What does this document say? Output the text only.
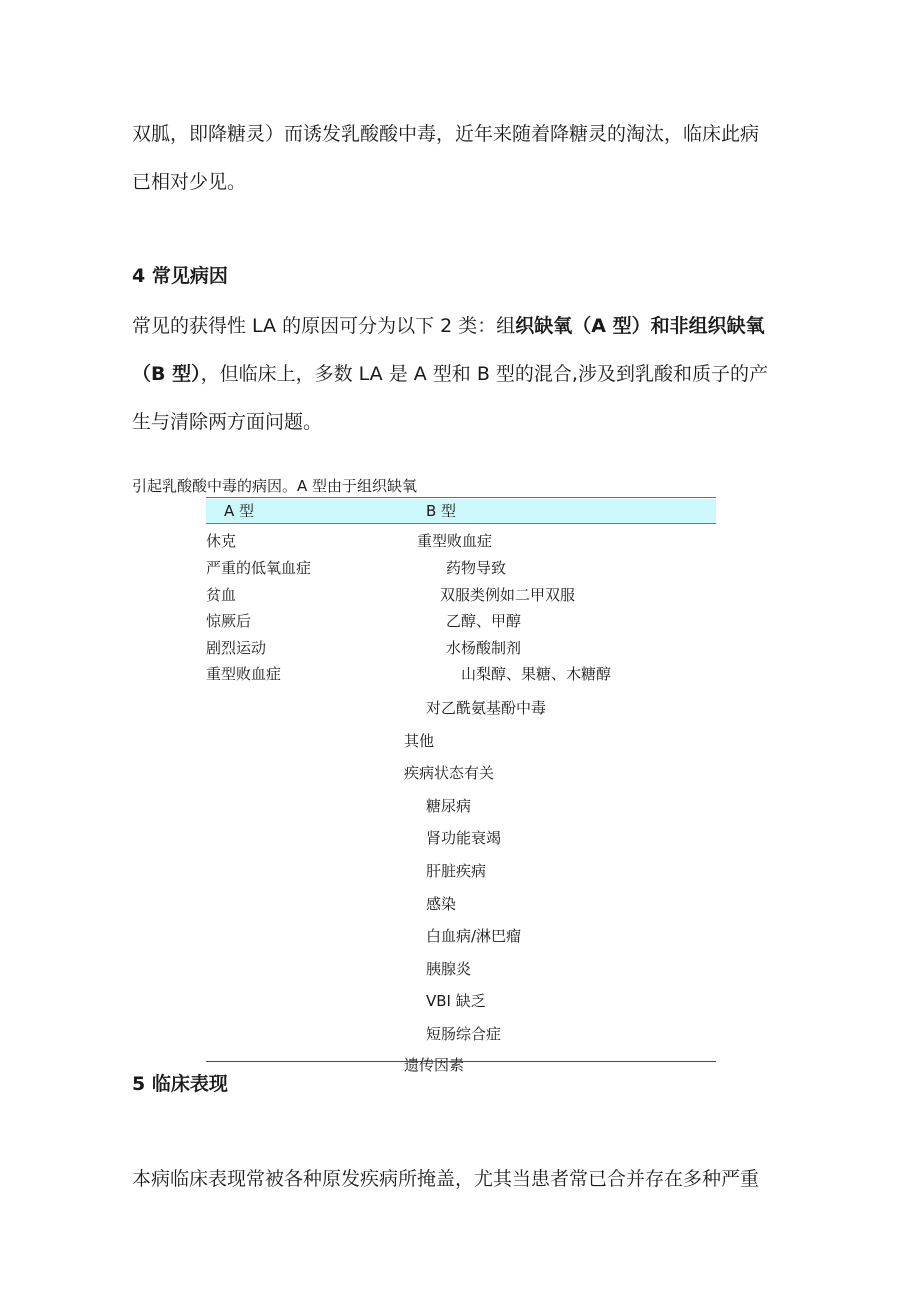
双胍，即降糖灵）而诱发乳酸酸中毒，近年来随着降糖灵的淘汰，临床此病
已相对少见。

4 常见病因

常见的获得性 LA 的原因可分为以下 2 类：组织缺氧（A 型）和非组织缺氧
（B 型），但临床上，多数 LA 是 A 型和 B 型的混合,涉及到乳酸和质子的产
生与清除两方面问题。

引起乳酸酸中毒的病因。A 型由于组织缺氧
A 型	B 型
休克
严重的低氧血症
贫血
惊厥后
剧烈运动
重型败血症
重型败血症
药物导致
双服类例如二甲双服
乙醇、甲醇
水杨酸制剂
山梨醇、果糖、木糖醇
对乙酰氨基酚中毒
其他
疾病状态有关
糖尿病
肾功能衰竭
肝脏疾病
感染
白血病/淋巴瘤
胰腺炎
VBI 缺乏
短肠综合症
遗传因素
5 临床表现

本病临床表现常被各种原发疾病所掩盖，尤其当患者常已合并存在多种严重
